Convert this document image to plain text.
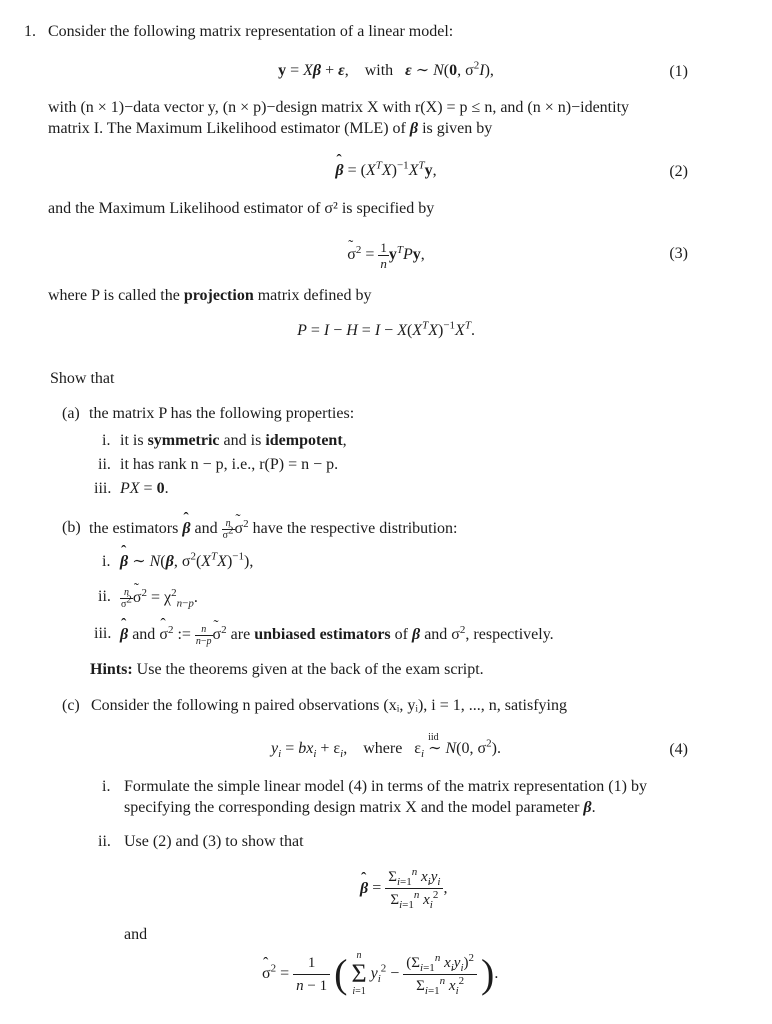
1. Consider the following matrix representation of a linear model:
y = Xβ + ε,    with   ε ∼ N(0, $\sigma^2I$),	(1)
with (n × 1)−data vector y, (n × p)−design matrix X with r(X) = p ≤ n, and (n × n)−identity
matrix I. The Maximum Likelihood estimator (MLE) of β is given by
ˆ $\beta = (X^TX)^{-1}X^Ty$,	(2)
and the Maximum Likelihood estimator of σ² is specified by
˜ $\sigma^2 = \frac{1}{n} y^TPy$,	(3)
where P is called the projection matrix defined by
$P = I - H = I - X(X^TX)^{-1}X^T$.
Show that
(a) the matrix P has the following properties:
i. it is symmetric and is idempotent,
ii. it has rank n − p, i.e., r(P) = n − p.
iii. PX = 0.
(b) the estimators ˆ β and $\frac{n}{\sigma^2}$ ˜ $\sigma^2$ have the respective distribution:
i. ˆ β ∼ N(β, $\sigma^2(X^TX)^{-1}$),
ii. $\frac{n}{\sigma^2}$ ˜ $\sigma^2 = \chi^2_{n-p}$.
iii. ˆ β and ˆ $\sigma^2$ := $\frac{n}{n-p}$ ˜ $\sigma^2$ are unbiased estimators of β and $\sigma^2$, respectively.
Hints: Use the theorems given at the back of the exam script.
(c) Consider the following n paired observations (xᵢ, yᵢ), i = 1, ..., n, satisfying
$y_i = bx_i + \varepsilon_i$,    where   $\varepsilon_i$
iid
∼ N(0, $\sigma^2$).	(4)
i. Formulate the simple linear model (4) in terms of the matrix representation (1) by
specifying the corresponding design matrix X and the model parameter β.
ii. Use (2) and (3) to show that
ˆ β =
$\Sigma_{i=1}^n$ $x_iy_i$
$\Sigma_{i=1}^n$ $x_i^2$ ,
and
ˆ $\sigma^2 = \frac{1}{n - 1}$ ( n
Σ
i=1 $y_i^2$ −
($\Sigma_{i=1}^n$ $x_iy_i)^2$
$\Sigma_{i=1}^n$ $x_i^2$ ).
